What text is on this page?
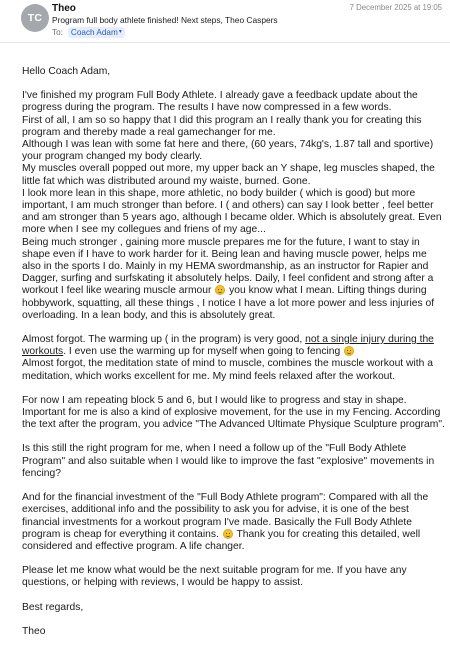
TC
Theo	7 December 2025 at 19:05
Program full body athlete finished! Next steps, Theo Caspers
To: Coach Adam ▾

Hello Coach Adam,

I've finished my program Full Body Athlete. I already gave a feedback update about the progress during the program. The results I have now compressed in a few words.

First of all, I am so so happy that I did this program an I really thank you for creating this program and thereby made a real gamechanger for me.

Although I was lean with some fat here and there, (60 years, 74kg's, 1.87 tall and sportive) your program changed my body clearly.

My muscles overall popped out more, my upper back an Y shape, leg muscles shaped, the little fat which was distributed around my waiste, burned. Gone.

I look more lean in this shape, more athletic, no body builder ( which is good) but more important, I am much stronger than before. I ( and others) can say I look better , feel better and am stronger than 5 years ago, although I became older. Which is absolutely great. Even more when I see my collegues and friens of my age...

Being much stronger , gaining more muscle prepares me for the future, I want to stay in shape even if I have to work harder for it. Being lean and having muscle power, helps me also in the sports I do. Mainly in my HEMA swordmanship, as an instructor for Rapier and Dagger, surfing and surfskating it absolutely helps. Daily, I feel confident and strong after a workout I feel like wearing muscle armour  you know what I mean. Lifting things during hobbywork, squatting, all these things , I notice I have a lot more power and less injuries of overloading. In a lean body, and this is absolutely great.

Almost forgot. The warming up ( in the program) is very good, not a single injury during the workouts. I even use the warming up for myself when going to fencing

Almost forgot, the meditation state of mind to muscle, combines the muscle workout with a meditation, which works excellent for me. My mind feels relaxed after the workout.

For now I am repeating block 5 and 6, but I would like to progress and stay in shape. Important for me is also a kind of explosive movement, for the use in my Fencing. According the text after the program, you advice "The Advanced Ultimate Physique Sculpture program".

Is this still the right program for me, when I need a follow up of the "Full Body Athlete Program" and also suitable when I would like to improve the fast "explosive" movements in fencing?

And for the financial investment of the "Full Body Athlete program": Compared with all the exercises, additional info and the possibility to ask you for advise, it is one of the best financial investments for a workout program I've made. Basically the Full Body Athlete program is cheap for everything it contains.  Thank you for creating this detailed, well considered and effective program. A life changer.

Please let me know what would be the next suitable program for me. If you have any questions, or helping with reviews, I would be happy to assist.

Best regards,

Theo
